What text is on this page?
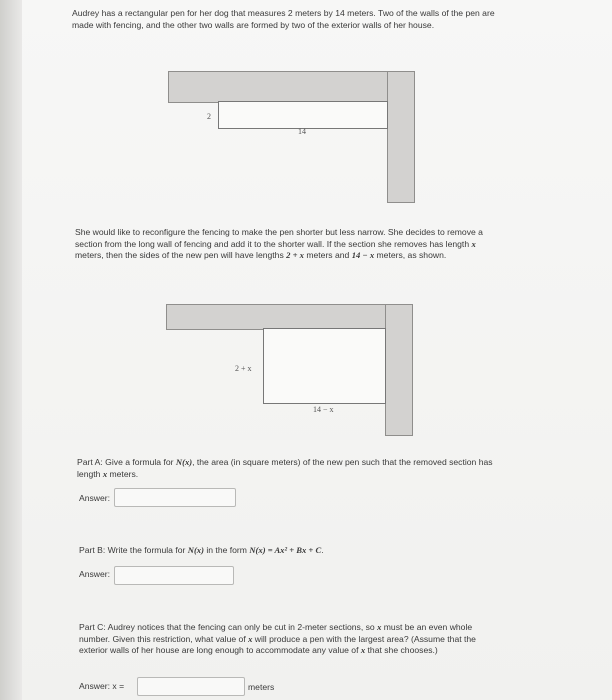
Audrey has a rectangular pen for her dog that measures 2 meters by 14 meters. Two of the walls of the pen are made with fencing, and the other two walls are formed by two of the exterior walls of her house.

2
14

She would like to reconfigure the fencing to make the pen shorter but less narrow. She decides to remove a section from the long wall of fencing and add it to the shorter wall. If the section she removes has length x meters, then the sides of the new pen will have lengths 2 + x meters and 14 − x meters, as shown.

2 + x
14 − x

Part A: Give a formula for N(x), the area (in square meters) of the new pen such that the removed section has length x meters.

Answer:

Part B: Write the formula for N(x) in the form N(x) = Ax² + Bx + C.

Answer:

Part C: Audrey notices that the fencing can only be cut in 2-meter sections, so x must be an even whole number. Given this restriction, what value of x will produce a pen with the largest area? (Assume that the exterior walls of her house are long enough to accommodate any value of x that she chooses.)

Answer: x =	meters
